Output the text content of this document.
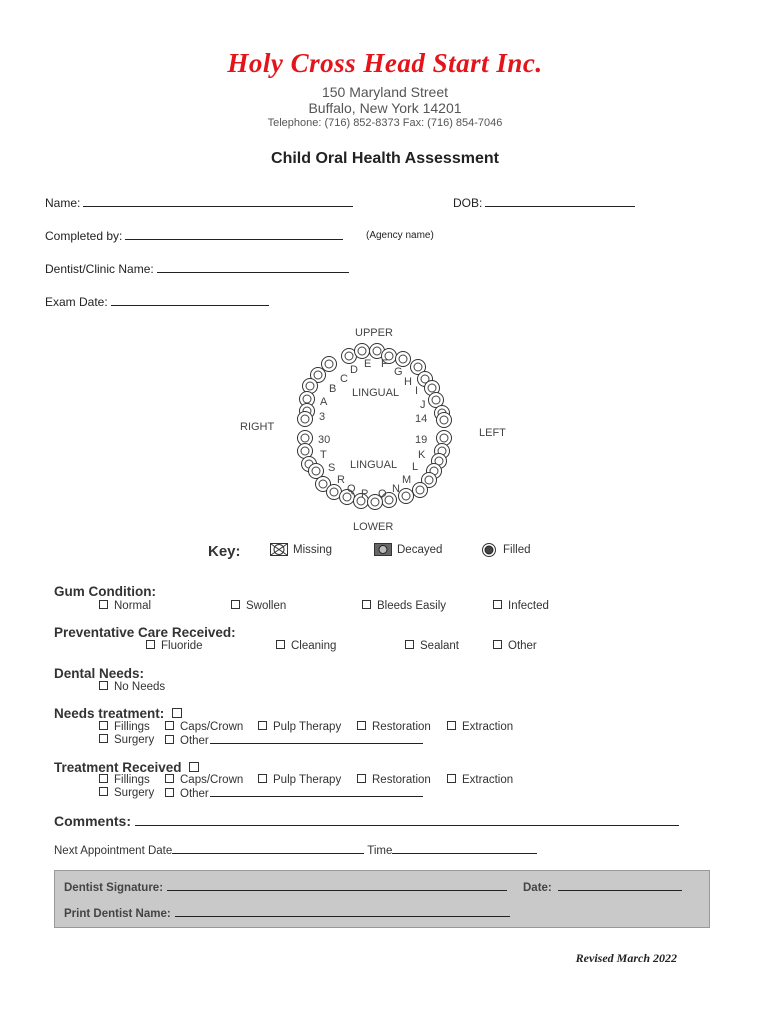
Holy Cross Head Start Inc.
150 Maryland Street
Buffalo, New York 14201
Telephone: (716) 852-8373 Fax: (716) 854-7046
Child Oral Health Assessment
Name:	DOB:
Completed by:	(Agency name)
Dentist/Clinic Name:
Exam Date:
UPPER
LINGUAL
LINGUAL
LOWER
RIGHT	LEFT
D E F
C
G
H
B	I
A	J
3	14
30	19
T	K
S	L
R	M
Q	N
P O
Key:	Missing	Decayed	Filled
Gum Condition:
Normal	Swollen	Bleeds Easily	Infected
Preventative Care Received:
Fluoride	Cleaning	Sealant	Other
Dental Needs:
No Needs
Needs treatment:
Fillings	Caps/Crown	Pulp Therapy	Restoration	Extraction
Surgery	Other
Treatment Received
Fillings	Caps/Crown	Pulp Therapy	Restoration	Extraction
Surgery	Other
Comments:
Next Appointment Date	Time
Dentist Signature:	Date:
Print Dentist Name:
Revised March 2022
